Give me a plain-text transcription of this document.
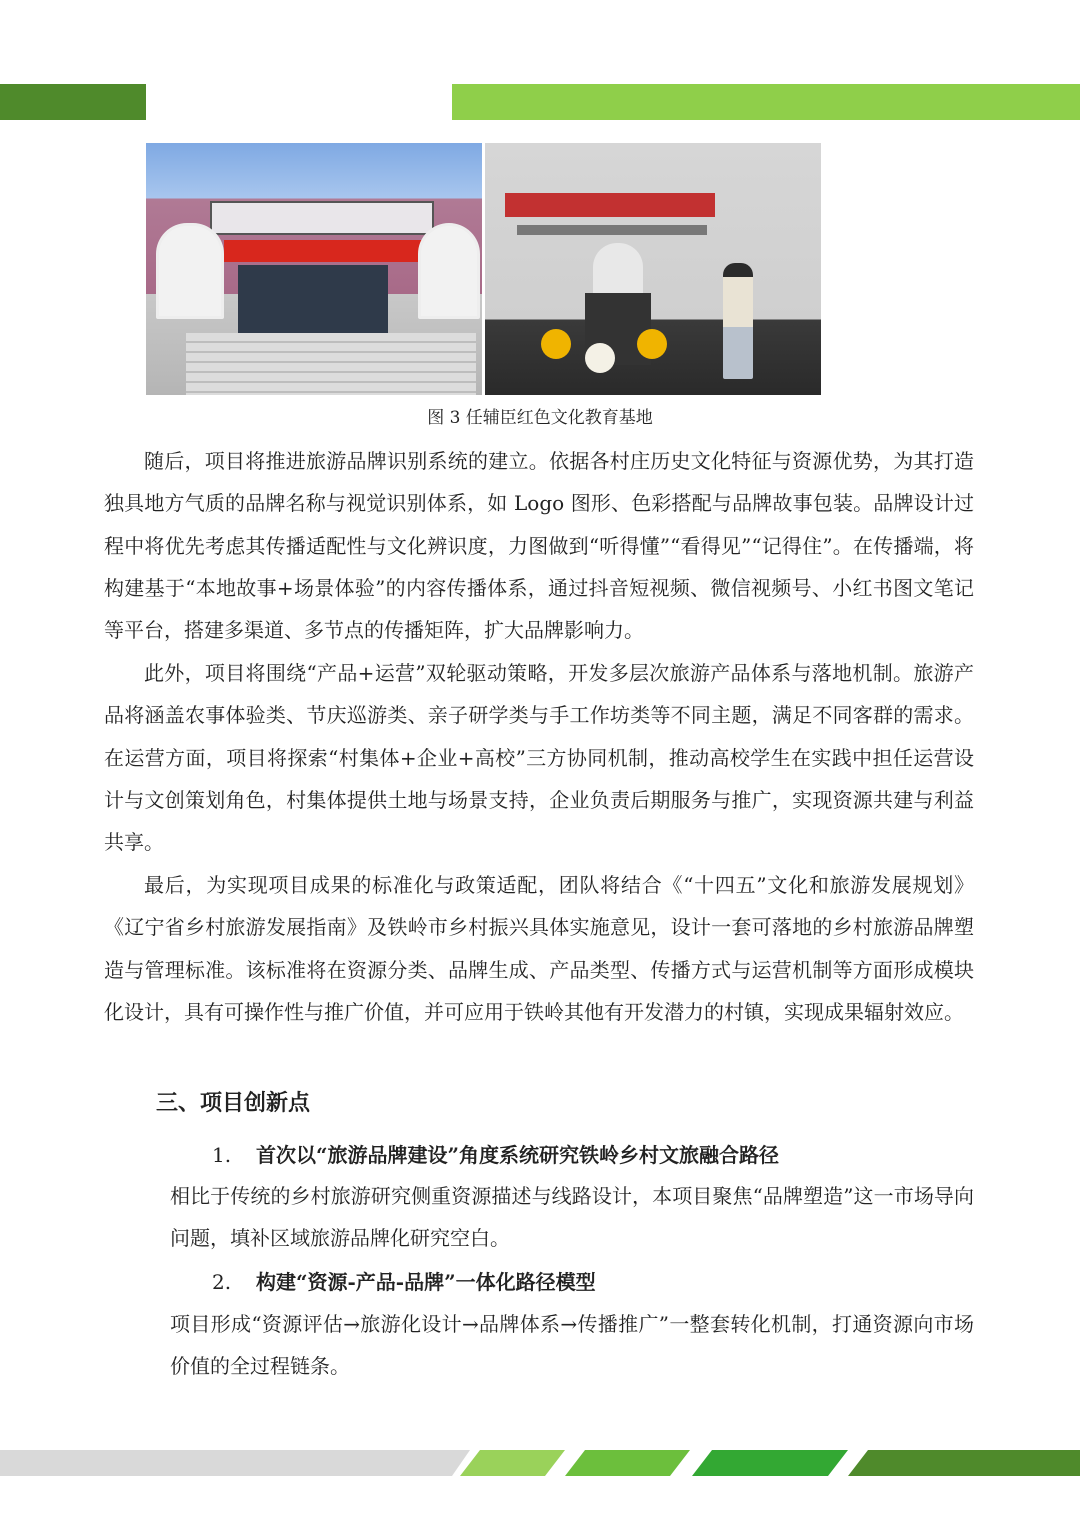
图 3 任辅臣红色文化教育基地

随后，项目将推进旅游品牌识别系统的建立。依据各村庄历史文化特征与资源优势，为其打造独具地方气质的品牌名称与视觉识别体系，如 Logo 图形、色彩搭配与品牌故事包装。品牌设计过程中将优先考虑其传播适配性与文化辨识度，力图做到“听得懂”“看得见”“记得住”。在传播端，将构建基于“本地故事+场景体验”的内容传播体系，通过抖音短视频、微信视频号、小红书图文笔记等平台，搭建多渠道、多节点的传播矩阵，扩大品牌影响力。

此外，项目将围绕“产品+运营”双轮驱动策略，开发多层次旅游产品体系与落地机制。旅游产品将涵盖农事体验类、节庆巡游类、亲子研学类与手工作坊类等不同主题，满足不同客群的需求。在运营方面，项目将探索“村集体+企业+高校”三方协同机制，推动高校学生在实践中担任运营设计与文创策划角色，村集体提供土地与场景支持，企业负责后期服务与推广，实现资源共建与利益共享。

最后，为实现项目成果的标准化与政策适配，团队将结合《“十四五”文化和旅游发展规划》《辽宁省乡村旅游发展指南》及铁岭市乡村振兴具体实施意见，设计一套可落地的乡村旅游品牌塑造与管理标准。该标准将在资源分类、品牌生成、产品类型、传播方式与运营机制等方面形成模块化设计，具有可操作性与推广价值，并可应用于铁岭其他有开发潜力的村镇，实现成果辐射效应。

三、项目创新点

1. 首次以“旅游品牌建设”角度系统研究铁岭乡村文旅融合路径

相比于传统的乡村旅游研究侧重资源描述与线路设计，本项目聚焦“品牌塑造”这一市场导向问题，填补区域旅游品牌化研究空白。

2. 构建“资源-产品-品牌”一体化路径模型

项目形成“资源评估→旅游化设计→品牌体系→传播推广”一整套转化机制，打通资源向市场价值的全过程链条。
